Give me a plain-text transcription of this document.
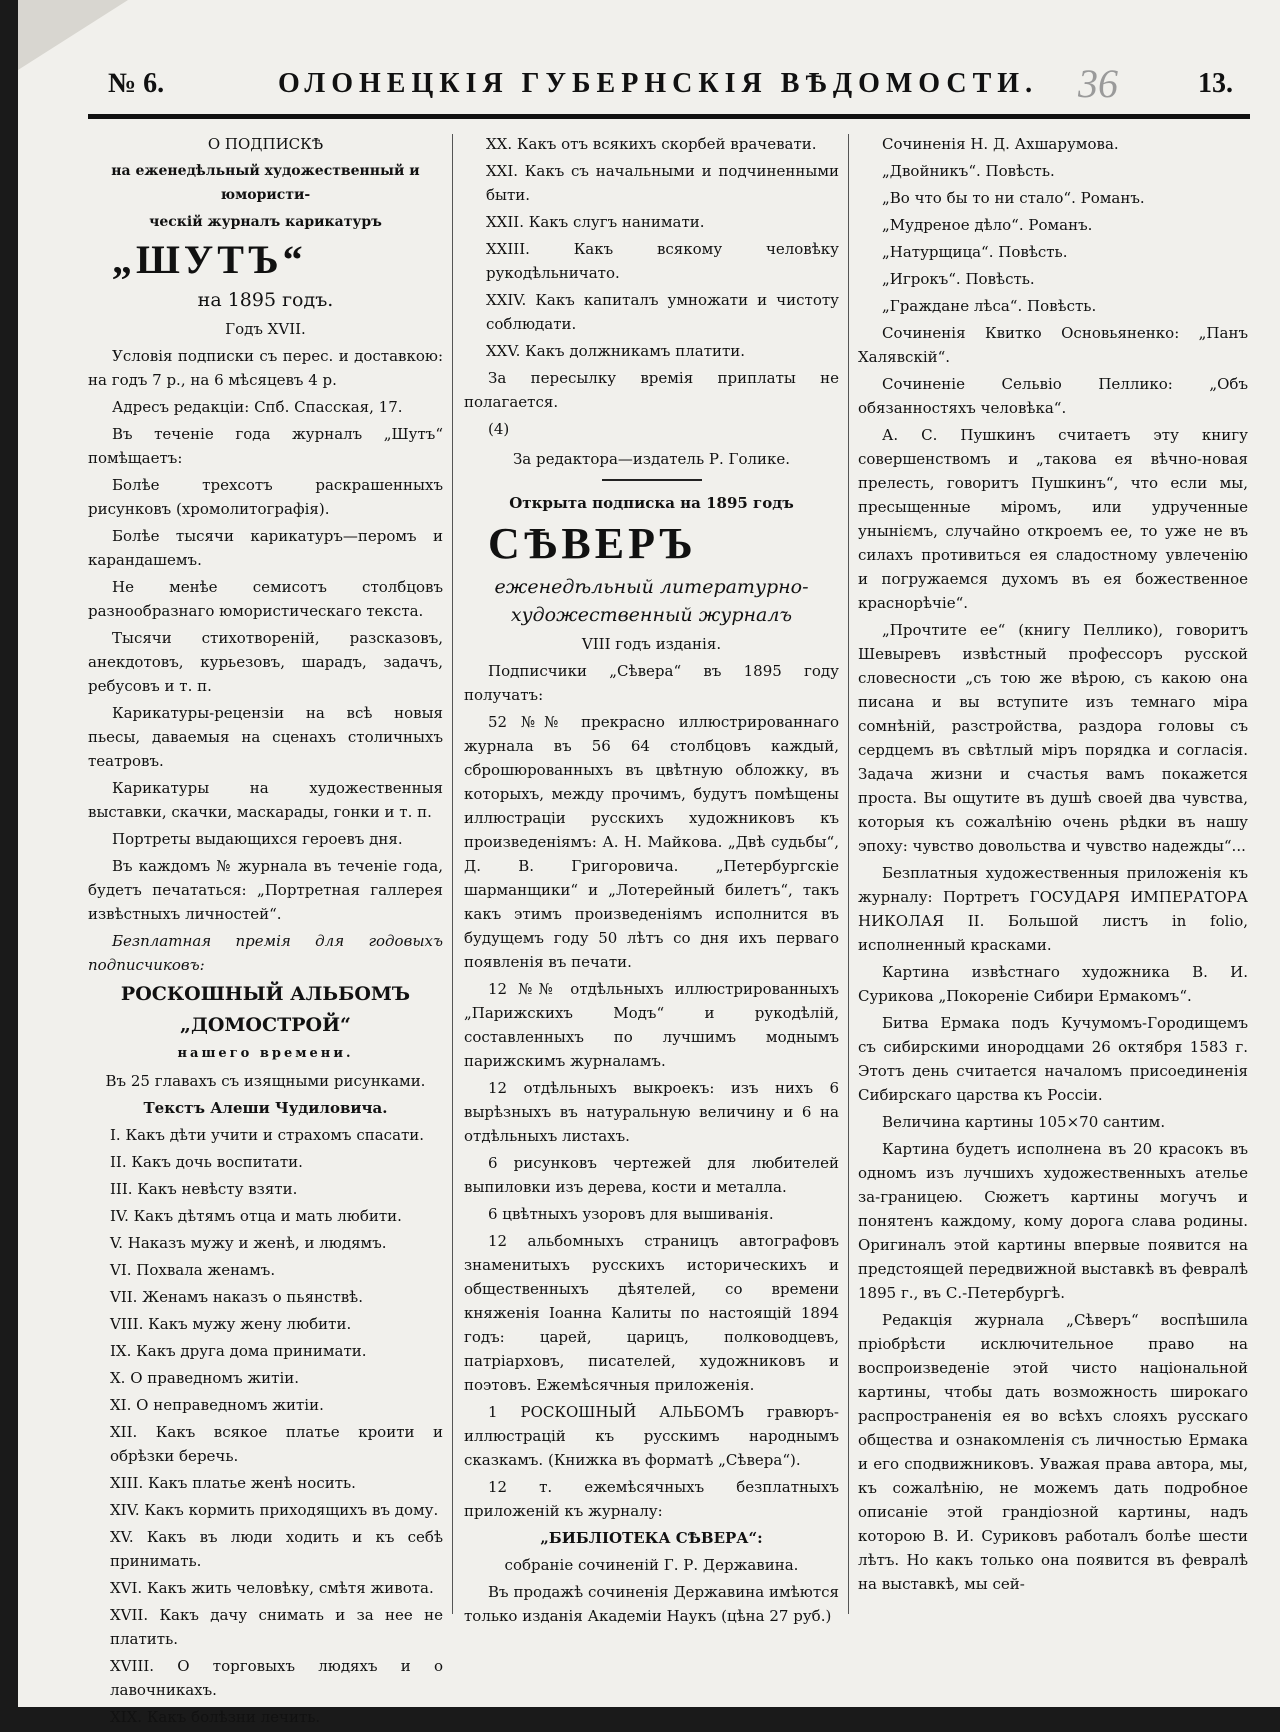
№ 6.	ОЛОНЕЦКІЯ ГУБЕРНСКІЯ ВѢДОМОСТИ. 36	13.

О ПОДПИСКѢ

на еженедѣльный художественный и юмористи-

ческій журналъ карикатуръ

„ШУТЪ“

на 1895 годъ.

Годъ XVII.

Условія подписки съ перес. и доставкою: на годъ 7 р., на 6 мѣсяцевъ 4 р.

Адресъ редакціи: Спб. Спасская, 17.

Въ теченіе года журналъ „Шутъ“ помѣщаетъ:

Болѣе трехсотъ раскрашенныхъ рисунковъ (хромолитографія).

Болѣе тысячи карикатуръ—перомъ и карандашемъ.

Не менѣе семисотъ столбцовъ разнообразнаго юмористическаго текста.

Тысячи стихотвореній, разсказовъ, анекдотовъ, курьезовъ, шарадъ, задачъ, ребусовъ и т. п.

Карикатуры-рецензіи на всѣ новыя пьесы, даваемыя на сценахъ столичныхъ театровъ.

Карикатуры на художественныя выставки, скачки, маскарады, гонки и т. п.

Портреты выдающихся героевъ дня.

Въ каждомъ № журнала въ теченіе года, будетъ печататься: „Портретная галлерея извѣстныхъ личностей“.

Безплатная премія для годовыхъ подписчиковъ:

РОСКОШНЫЙ АЛЬБОМЪ

„ДОМОСТРОЙ“

нашего времени.

Въ 25 главахъ съ изящными рисунками.

Текстъ Алеши Чудиловича.

I. Какъ дѣти учити и страхомъ спасати.

II. Какъ дочь воспитати.

III. Какъ невѣсту взяти.

IV. Какъ дѣтямъ отца и мать любити.

V. Наказъ мужу и женѣ, и людямъ.

VI. Похвала женамъ.

VII. Женамъ наказъ о пьянствѣ.

VIII. Какъ мужу жену любити.

IX. Какъ друга дома принимати.

X. О праведномъ житіи.

XI. О неправедномъ житіи.

XII. Какъ всякое платье кроити и обрѣзки беречь.

XIII. Какъ платье женѣ носить.

XIV. Какъ кормить приходящихъ въ дому.

XV. Какъ въ люди ходить и къ себѣ принимать.

XVI. Какъ жить человѣку, смѣтя живота.

XVII. Какъ дачу снимать и за нее не платить.

XVIII. О торговыхъ людяхъ и о лавочникахъ.

XIX. Какъ болѣзни лечить.

XX. Какъ отъ всякихъ скорбей врачевати.

XXI. Какъ съ начальными и подчиненными быти.

XXII. Какъ слугъ нанимати.

XXIII. Какъ всякому человѣку рукодѣльничато.

XXIV. Какъ капиталъ умножати и чистоту соблюдати.

XXV. Какъ должникамъ платити.

За пересылку времія приплаты не полагается.

(4)

За редактора—издатель Р. Голике.

Открыта подписка на 1895 годъ

СѢВЕРЪ

еженедѣльный литературно-художественный журналъ

VIII годъ изданія.

Подписчики „Сѣвера“ въ 1895 году получатъ:

52 №№ прекрасно иллюстрированнаго журнала въ 56 64 столбцовъ каждый, сброшюрованныхъ въ цвѣтную обложку, въ которыхъ, между прочимъ, будутъ помѣщены иллюстраціи русскихъ художниковъ къ произведеніямъ: А. Н. Майкова. „Двѣ судьбы“, Д. В. Григоровича. „Петербургскіе шарманщики“ и „Лотерейный билетъ“, такъ какъ этимъ произведеніямъ исполнится въ будущемъ году 50 лѣтъ со дня ихъ перваго появленія въ печати.

12 №№ отдѣльныхъ иллюстрированныхъ „Парижскихъ Модъ“ и рукодѣлій, составленныхъ по лучшимъ моднымъ парижскимъ журналамъ.

12 отдѣльныхъ выкроекъ: изъ нихъ 6 вырѣзныхъ въ натуральную величину и 6 на отдѣльныхъ листахъ.

6 рисунковъ чертежей для любителей выпиловки изъ дерева, кости и металла.

6 цвѣтныхъ узоровъ для вышиванія.

12 альбомныхъ страницъ автографовъ знаменитыхъ русскихъ историческихъ и общественныхъ дѣятелей, со времени княженія Іоанна Калиты по настоящій 1894 годъ: царей, царицъ, полководцевъ, патріарховъ, писателей, художниковъ и поэтовъ. Ежемѣсячныя приложенія.

1 РОСКОШНЫЙ АЛЬБОМЪ гравюръ-иллюстрацій къ русскимъ народнымъ сказкамъ. (Книжка въ форматѣ „Сѣвера“).

12 т. ежемѣсячныхъ безплатныхъ приложеній къ журналу:

„БИБЛІОТЕКА СѢВЕРА“:

собраніе сочиненій Г. Р. Державина.

Въ продажѣ сочиненія Державина имѣются только изданія Академіи Наукъ (цѣна 27 руб.)

Сочиненія Н. Д. Ахшарумова.

„Двойникъ“. Повѣсть.

„Во что бы то ни стало“. Романъ.

„Мудреное дѣло“. Романъ.

„Натурщица“. Повѣсть.

„Игрокъ“. Повѣсть.

„Граждане лѣса“. Повѣсть.

Сочиненія Квитко Основьяненко: „Панъ Халявскій“.

Сочиненіе Сельвіо Пеллико: „Объ обязанностяхъ человѣка“.

А. С. Пушкинъ считаетъ эту книгу совершенствомъ и „такова ея вѣчно-новая прелесть, говоритъ Пушкинъ“, что если мы, пресыщенные міромъ, или удрученные уныніємъ, случайно откроемъ ее, то уже не въ силахъ противиться ея сладостному увлеченію и погружаемся духомъ въ ея божественное краснорѣчіе“.

„Прочтите ее“ (книгу Пеллико), говоритъ Шевыревъ извѣстный профессоръ русской словесности „съ тою же вѣрою, съ какою она писана и вы вступите изъ темнаго міра сомнѣній, разстройства, раздора головы съ сердцемъ въ свѣтлый міръ порядка и согласія. Задача жизни и счастья вамъ покажется проста. Вы ощутите въ душѣ своей два чувства, которыя къ сожалѣнію очень рѣдки въ нашу эпоху: чувство довольства и чувство надежды“...

Безплатныя художественныя приложенія къ журналу: Портретъ ГОСУДАРЯ ИМПЕРАТОРА НИКОЛАЯ II. Большой листъ in folio, исполненный красками.

Картина извѣстнаго художника В. И. Сурикова „Покореніе Сибири Ермакомъ“.

Битва Ермака подъ Кучумомъ-Городищемъ съ сибирскими инородцами 26 октября 1583 г. Этотъ день считается началомъ присоединенія Сибирскаго царства къ Россіи.

Величина картины 105×70 сантим.

Картина будетъ исполнена въ 20 красокъ въ одномъ изъ лучшихъ художественныхъ ателье за-границею. Сюжетъ картины могучъ и понятенъ каждому, кому дорога слава родины. Оригиналъ этой картины впервые появится на предстоящей передвижной выставкѣ въ февралѣ 1895 г., въ С.-Петербургѣ.

Редакція журнала „Сѣверъ“ воспѣшила пріобрѣсти исключительное право на воспроизведеніе этой чисто національной картины, чтобы дать возможность широкаго распространенія ея во всѣхъ слояхъ русскаго общества и ознакомленія съ личностью Ермака и его сподвижниковъ. Уважая права автора, мы, къ сожалѣнію, не можемъ дать подробное описаніе этой грандіозной картины, надъ которою В. И. Суриковъ работалъ болѣе шести лѣтъ. Но какъ только она появится въ февралѣ на выставкѣ, мы сей-
